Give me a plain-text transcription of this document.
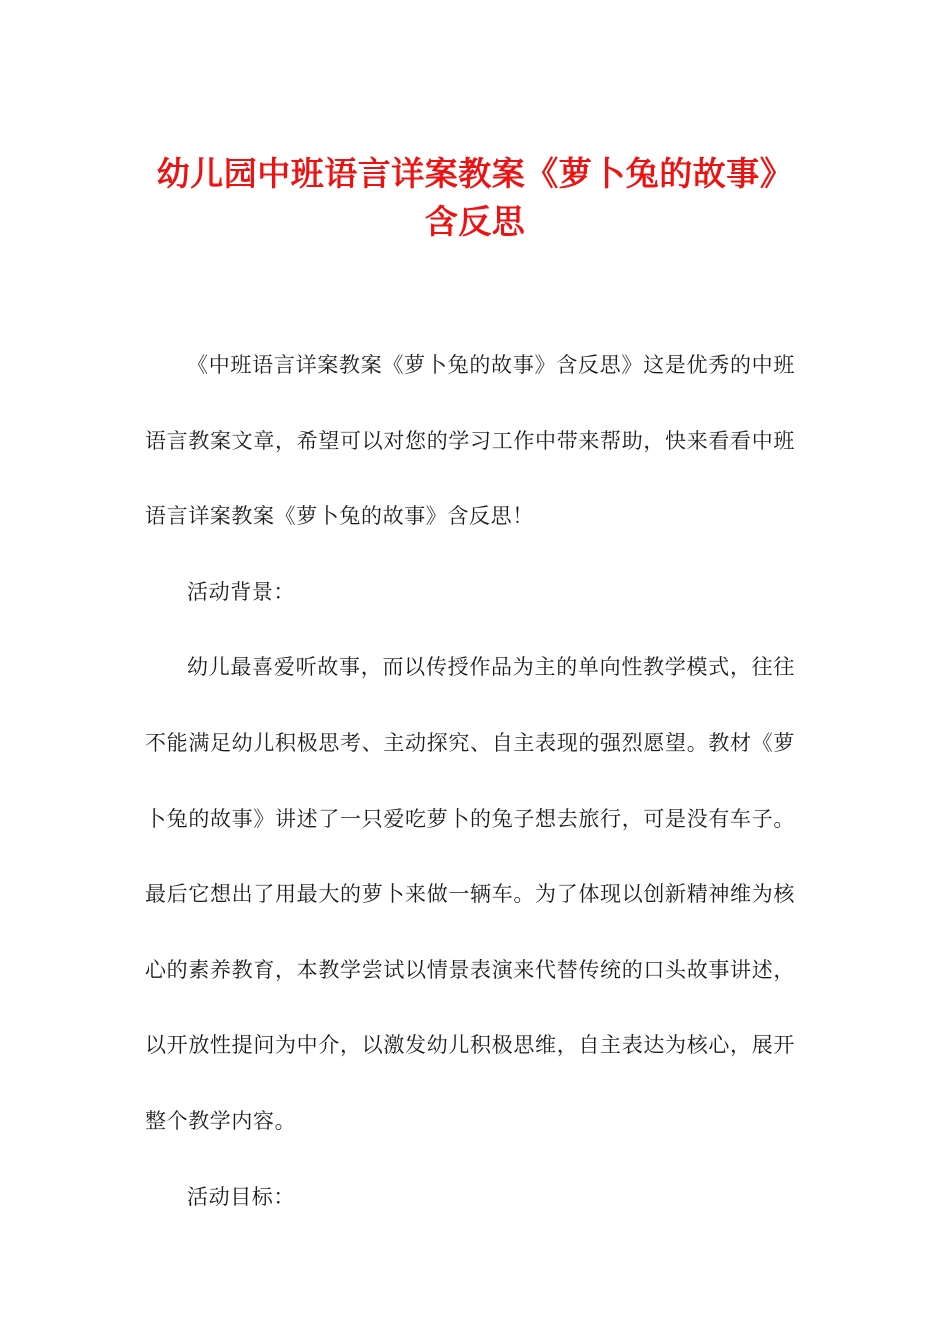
幼儿园中班语言详案教案《萝卜兔的故事》
含反思

《中班语言详案教案《萝卜兔的故事》含反思》这是优秀的中班语言教案文章，希望可以对您的学习工作中带来帮助，快来看看中班语言详案教案《萝卜兔的故事》含反思！

活动背景：

幼儿最喜爱听故事，而以传授作品为主的单向性教学模式，往往不能满足幼儿积极思考、主动探究、自主表现的强烈愿望。教材《萝卜兔的故事》讲述了一只爱吃萝卜的兔子想去旅行，可是没有车子。最后它想出了用最大的萝卜来做一辆车。为了体现以创新精神维为核心的素养教育，本教学尝试以情景表演来代替传统的口头故事讲述，以开放性提问为中介，以激发幼儿积极思维，自主表达为核心，展开整个教学内容。

活动目标：
